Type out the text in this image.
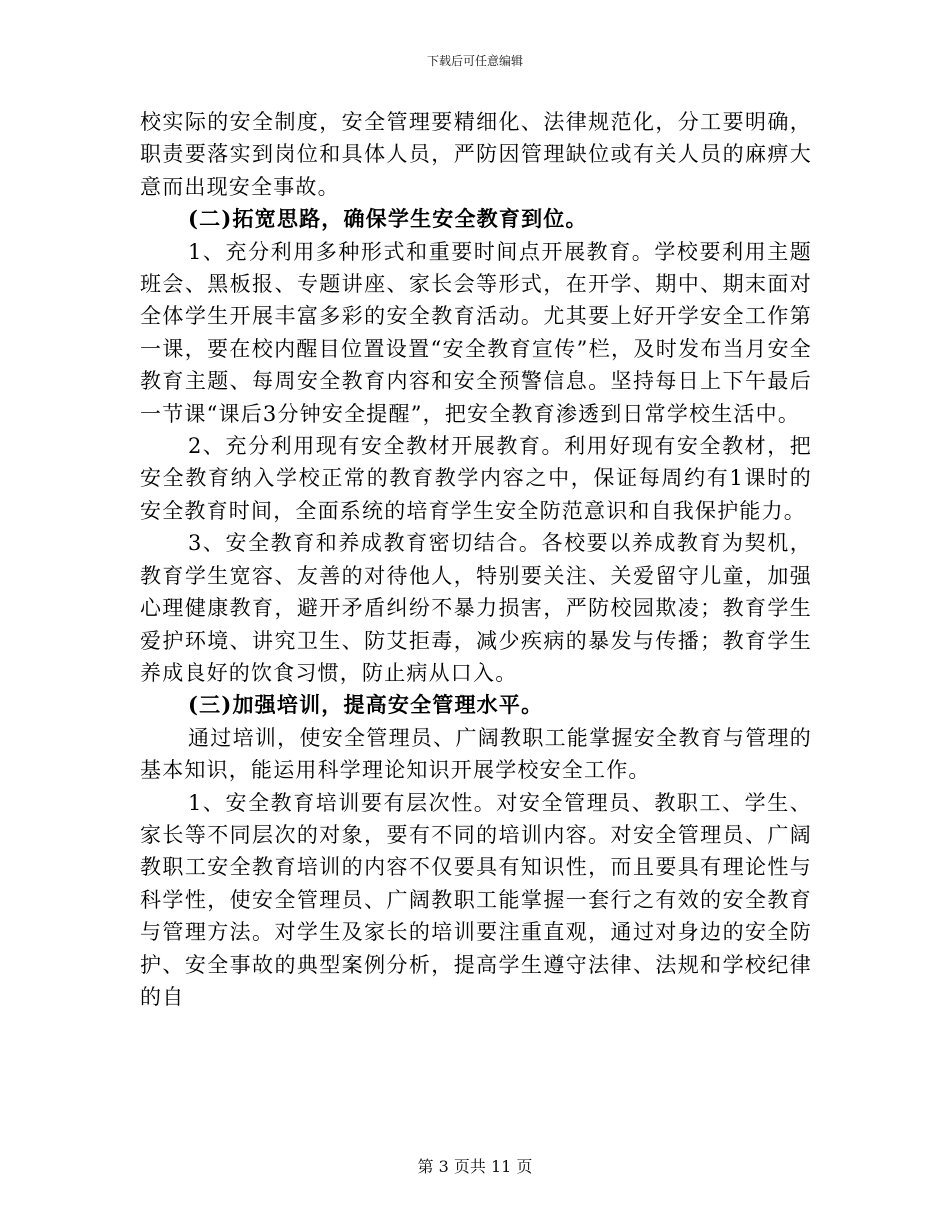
下载后可任意编辑

校实际的安全制度，安全管理要精细化、法律规范化，分工要明确，职责要落实到岗位和具体人员，严防因管理缺位或有关人员的麻痹大意而出现安全事故。

(二)拓宽思路，确保学生安全教育到位。

1、充分利用多种形式和重要时间点开展教育。学校要利用主题班会、黑板报、专题讲座、家长会等形式，在开学、期中、期末面对全体学生开展丰富多彩的安全教育活动。尤其要上好开学安全工作第一课，要在校内醒目位置设置“安全教育宣传”栏，及时发布当月安全教育主题、每周安全教育内容和安全预警信息。坚持每日上下午最后一节课“课后3分钟安全提醒”，把安全教育渗透到日常学校生活中。

2、充分利用现有安全教材开展教育。利用好现有安全教材，把安全教育纳入学校正常的教育教学内容之中，保证每周约有1课时的安全教育时间，全面系统的培育学生安全防范意识和自我保护能力。

3、安全教育和养成教育密切结合。各校要以养成教育为契机，教育学生宽容、友善的对待他人，特别要关注、关爱留守儿童，加强心理健康教育，避开矛盾纠纷不暴力损害，严防校园欺凌；教育学生爱护环境、讲究卫生、防艾拒毒，减少疾病的暴发与传播；教育学生养成良好的饮食习惯，防止病从口入。

(三)加强培训，提高安全管理水平。

通过培训，使安全管理员、广阔教职工能掌握安全教育与管理的基本知识，能运用科学理论知识开展学校安全工作。

1、安全教育培训要有层次性。对安全管理员、教职工、学生、家长等不同层次的对象，要有不同的培训内容。对安全管理员、广阔教职工安全教育培训的内容不仅要具有知识性，而且要具有理论性与科学性，使安全管理员、广阔教职工能掌握一套行之有效的安全教育与管理方法。对学生及家长的培训要注重直观，通过对身边的安全防护、安全事故的典型案例分析，提高学生遵守法律、法规和学校纪律的自

第 3 页共 11 页
